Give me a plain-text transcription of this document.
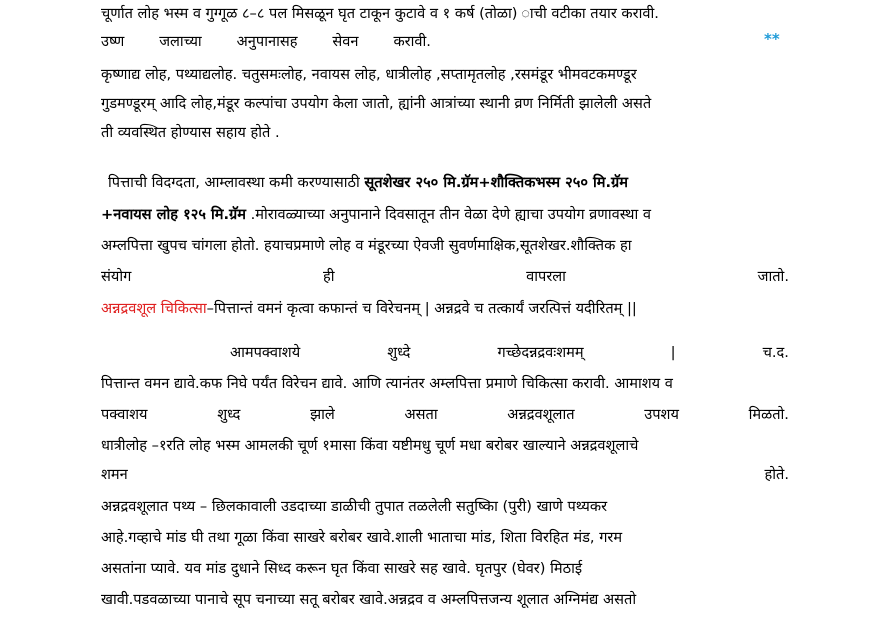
चूर्णात लोह भस्म व गुग्गूळ ८–८ पल मिसळून घृत टाकून कुटावे व १ कर्ष (तोळा) ाची वटीका तयार करावी.
उष्ण जलाच्या अनुपानासह सेवन करावी.	**
कृष्णाद्य लोह, पथ्याद्यलोह. चतुसमःलोह, नवायस लोह, धात्रीलोह ,सप्तामृतलोह ,रसमंडूर भीमवटकमण्डूर
गुडमण्डूरम् आदि लोह,मंडूर कल्पांचा उपयोग केला जातो, ह्यांनी आत्रांच्या स्थानी व्रण निर्मिती झालेली असते
ती व्यवस्थित होण्यास सहाय होते .
पित्ताची विदग्दता, आम्लावस्था कमी करण्यासाठी सूतशेखर २५० मि.ग्रॅम+शौक्तिकभस्म २५० मि.ग्रॅम
+नवायस लोह १२५ मि.ग्रॅम .मोरावळ्याच्या अनुपानाने दिवसातून तीन वेळा देणे ह्याचा उपयोग व्रणावस्था व
अम्लपित्ता खुपच चांगला होतो. हयाचप्रमाणे लोह व मंडूरच्या ऐवजी सुवर्णमाक्षिक,सूतशेखर.शौक्तिक हा
संयोग	ही	वापरला	जातो.
अन्नद्रवशूल चिकित्सा–पित्तान्तं वमनं कृत्वा कफान्तं च विरेचनम् | अन्नद्रवे च तत्कार्यं जरत्पित्तं यदीरितम् ||
आमपक्वाशये	शुध्दे	गच्छेदन्नद्रवःशमम्	|	च.द.
पित्तान्त वमन द्यावे.कफ निघे पर्यंत विरेचन द्यावे. आणि त्यानंतर अम्लपित्ता प्रमाणे चिकित्सा करावी. आमाशय व
पक्वाशय	शुध्द	झाले	असता	अन्नद्रवशूलात	उपशय	मिळतो.
धात्रीलोह –१रति लोह भस्म आमलकी चूर्ण १मासा किंवा यष्टीमधु चूर्ण मधा बरोबर खाल्याने अन्नद्रवशूलाचे
शमन	होते.
अन्नद्रवशूलात पथ्य – छिलकावाली उडदाच्या डाळीची तुपात तळलेली सतुष्किा (पुरी) खाणे पथ्यकर
आहे.गव्हाचे मांड घी तथा गूळा किंवा साखरे बरोबर खावे.शाली भाताचा मांड, शिता विरहित मंड, गरम
असतांना प्यावे. यव मांड दुधाने सिध्द करून घृत किंवा साखरे सह खावे. घृतपुर (घेवर) मिठाई
खावी.पडवळाच्या पानाचे सूप चनाच्या सतू बरोबर खावे.अन्नद्रव व अम्लपित्तजन्य शूलात अग्निमंद्य असतो
